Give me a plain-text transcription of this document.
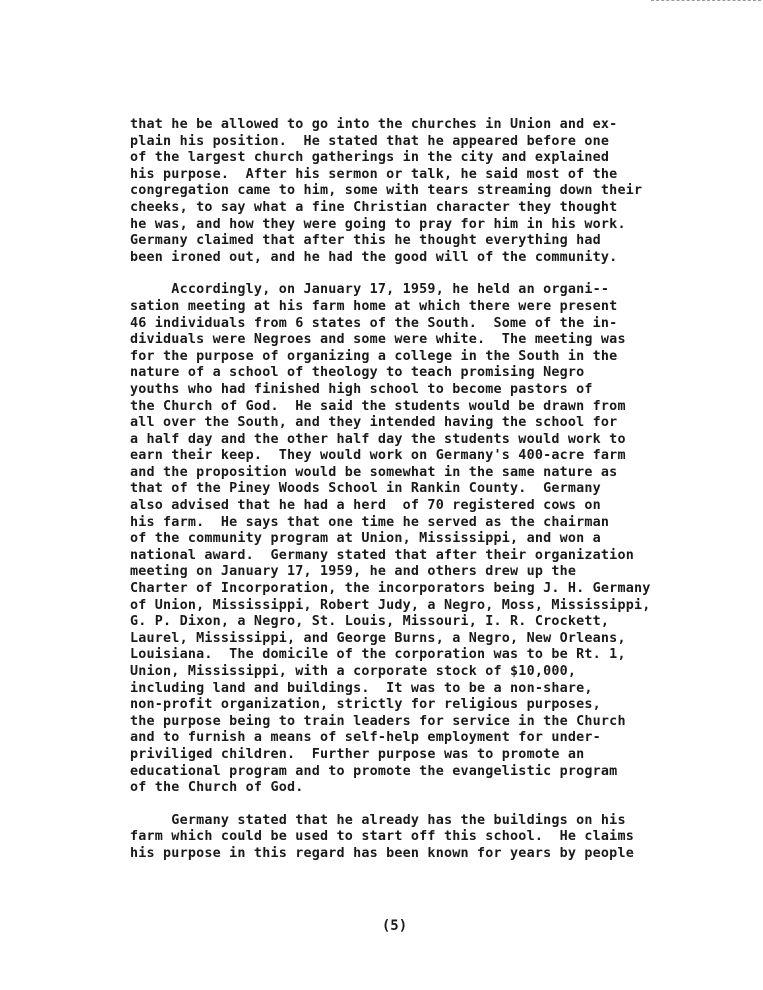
that he be allowed to go into the churches in Union and ex-
plain his position.  He stated that he appeared before one
of the largest church gatherings in the city and explained
his purpose.  After his sermon or talk, he said most of the
congregation came to him, some with tears streaming down their
cheeks, to say what a fine Christian character they thought
he was, and how they were going to pray for him in his work.
Germany claimed that after this he thought everything had
been ironed out, and he had the good will of the community.
Accordingly, on January 17, 1959, he held an organi--
sation meeting at his farm home at which there were present
46 individuals from 6 states of the South.  Some of the in-
dividuals were Negroes and some were white.  The meeting was
for the purpose of organizing a college in the South in the
nature of a school of theology to teach promising Negro
youths who had finished high school to become pastors of
the Church of God.  He said the students would be drawn from
all over the South, and they intended having the school for
a half day and the other half day the students would work to
earn their keep.  They would work on Germany's 400-acre farm
and the proposition would be somewhat in the same nature as
that of the Piney Woods School in Rankin County.  Germany
also advised that he had a herd  of 70 registered cows on
his farm.  He says that one time he served as the chairman
of the community program at Union, Mississippi, and won a
national award.  Germany stated that after their organization
meeting on January 17, 1959, he and others drew up the
Charter of Incorporation, the incorporators being J. H. Germany
of Union, Mississippi, Robert Judy, a Negro, Moss, Mississippi,
G. P. Dixon, a Negro, St. Louis, Missouri, I. R. Crockett,
Laurel, Mississippi, and George Burns, a Negro, New Orleans,
Louisiana.  The domicile of the corporation was to be Rt. 1,
Union, Mississippi, with a corporate stock of $10,000,
including land and buildings.  It was to be a non-share,
non-profit organization, strictly for religious purposes,
the purpose being to train leaders for service in the Church
and to furnish a means of self-help employment for under-
priviliged children.  Further purpose was to promote an
educational program and to promote the evangelistic program
of the Church of God.
Germany stated that he already has the buildings on his
farm which could be used to start off this school.  He claims
his purpose in this regard has been known for years by people
(5)
